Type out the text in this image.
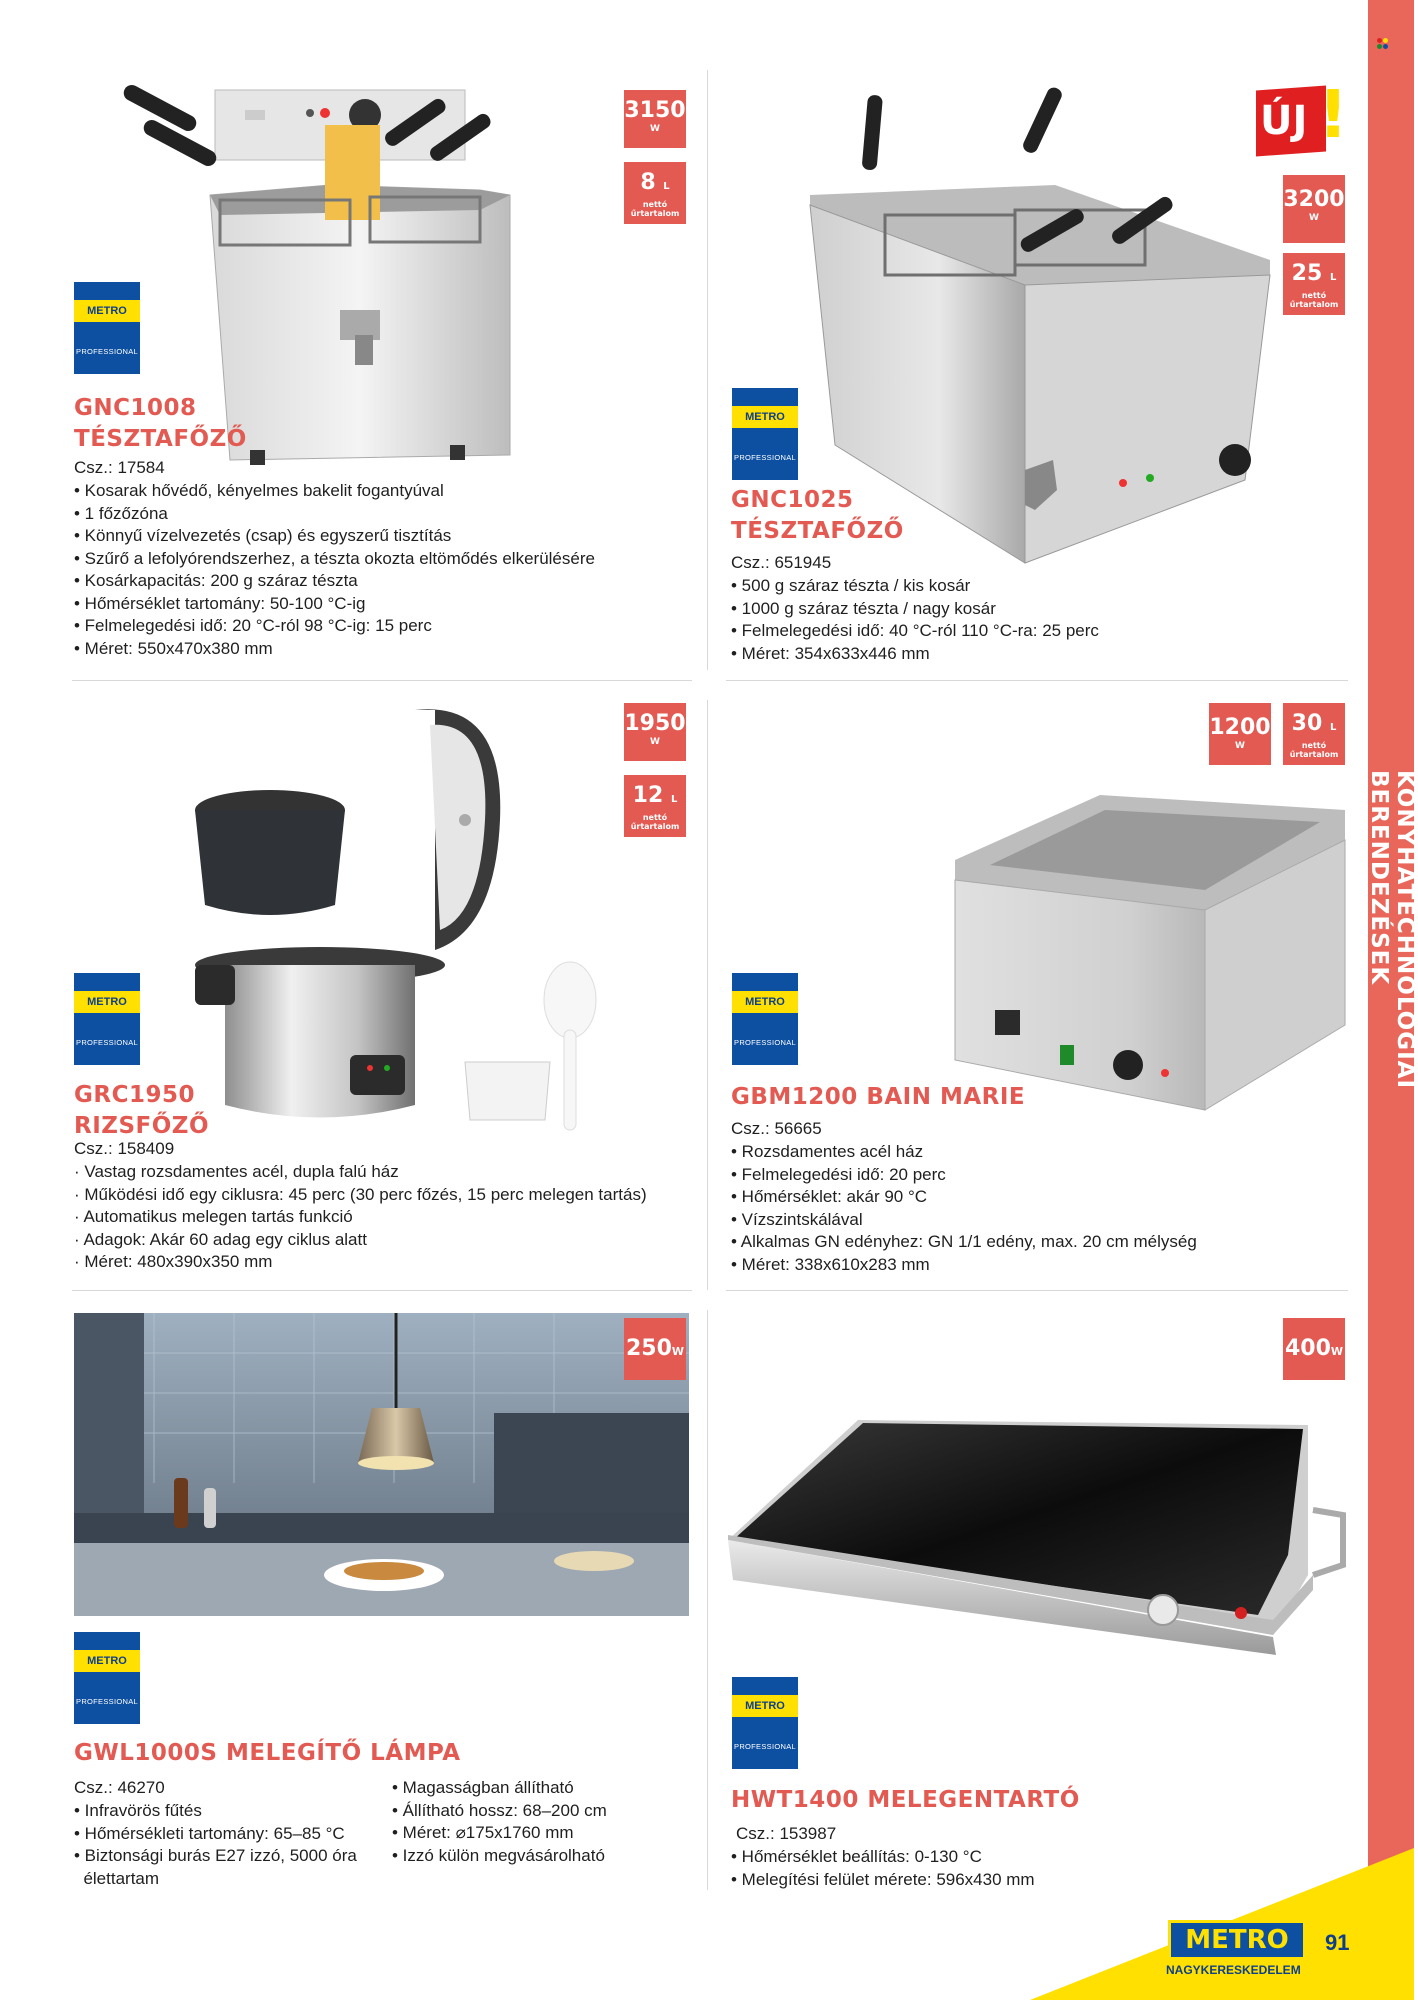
KONYHATECHNOLÓGIAI BERENDEZÉSEK
3150
W
8 L
nettó
űrtartalom
METRO
PROFESSIONAL
GNC1008
TÉSZTAFŐZŐ
Csz.: 17584
• Kosarak hővédő, kényelmes bakelit fogantyúval
• 1 főzőzóna
• Könnyű vízelvezetés (csap) és egyszerű tisztítás
• Szűrő a lefolyórendszerhez, a tészta okozta eltömődés elkerülésére
• Kosárkapacitás: 200 g száraz tészta
• Hőmérséklet tartomány: 50-100 °C-ig
• Felmelegedési idő: 20 °C-ról 98 °C-ig: 15 perc
• Méret: 550x470x380 mm
ÚJ !
3200
W
25 L
nettó
űrtartalom
METRO
PROFESSIONAL
GNC1025
TÉSZTAFŐZŐ
Csz.: 651945
• 500 g száraz tészta / kis kosár
• 1000 g száraz tészta / nagy kosár
• Felmelegedési idő: 40 °C-ról 110 °C-ra: 25 perc
• Méret: 354x633x446 mm
1950
W
12 L
nettó
űrtartalom
METRO
PROFESSIONAL
GRC1950
RIZSFŐZŐ
Csz.: 158409
· Vastag rozsdamentes acél, dupla falú ház
· Működési idő egy ciklusra: 45 perc (30 perc főzés, 15 perc melegen tartás)
· Automatikus melegen tartás funkció
· Adagok: Akár 60 adag egy ciklus alatt
· Méret: 480x390x350 mm
1200
W
30 L
nettó
űrtartalom
METRO
PROFESSIONAL
GBM1200 BAIN MARIE
Csz.: 56665
• Rozsdamentes acél ház
• Felmelegedési idő: 20 perc
• Hőmérséklet: akár 90 °C
• Vízszintskálával
• Alkalmas GN edényhez: GN 1/1 edény, max. 20 cm mélység
• Méret: 338x610x283 mm
250W
METRO
PROFESSIONAL
GWL1000S MELEGÍTŐ LÁMPA
Csz.: 46270
• Infravörös fűtés
• Hőmérsékleti tartomány: 65–85 °C
• Biztonsági burás E27 izzó, 5000 óra
élettartam
• Magasságban állítható
• Állítható hossz: 68–200 cm
• Méret: ⌀175x1760 mm
• Izzó külön megvásárolható
400W
METRO
PROFESSIONAL
HWT1400 MELEGENTARTÓ
Csz.: 153987
• Hőmérséklet beállítás: 0-130 °C
• Melegítési felület mérete: 596x430 mm
METRO
NAGYKERESKEDELEM
91
